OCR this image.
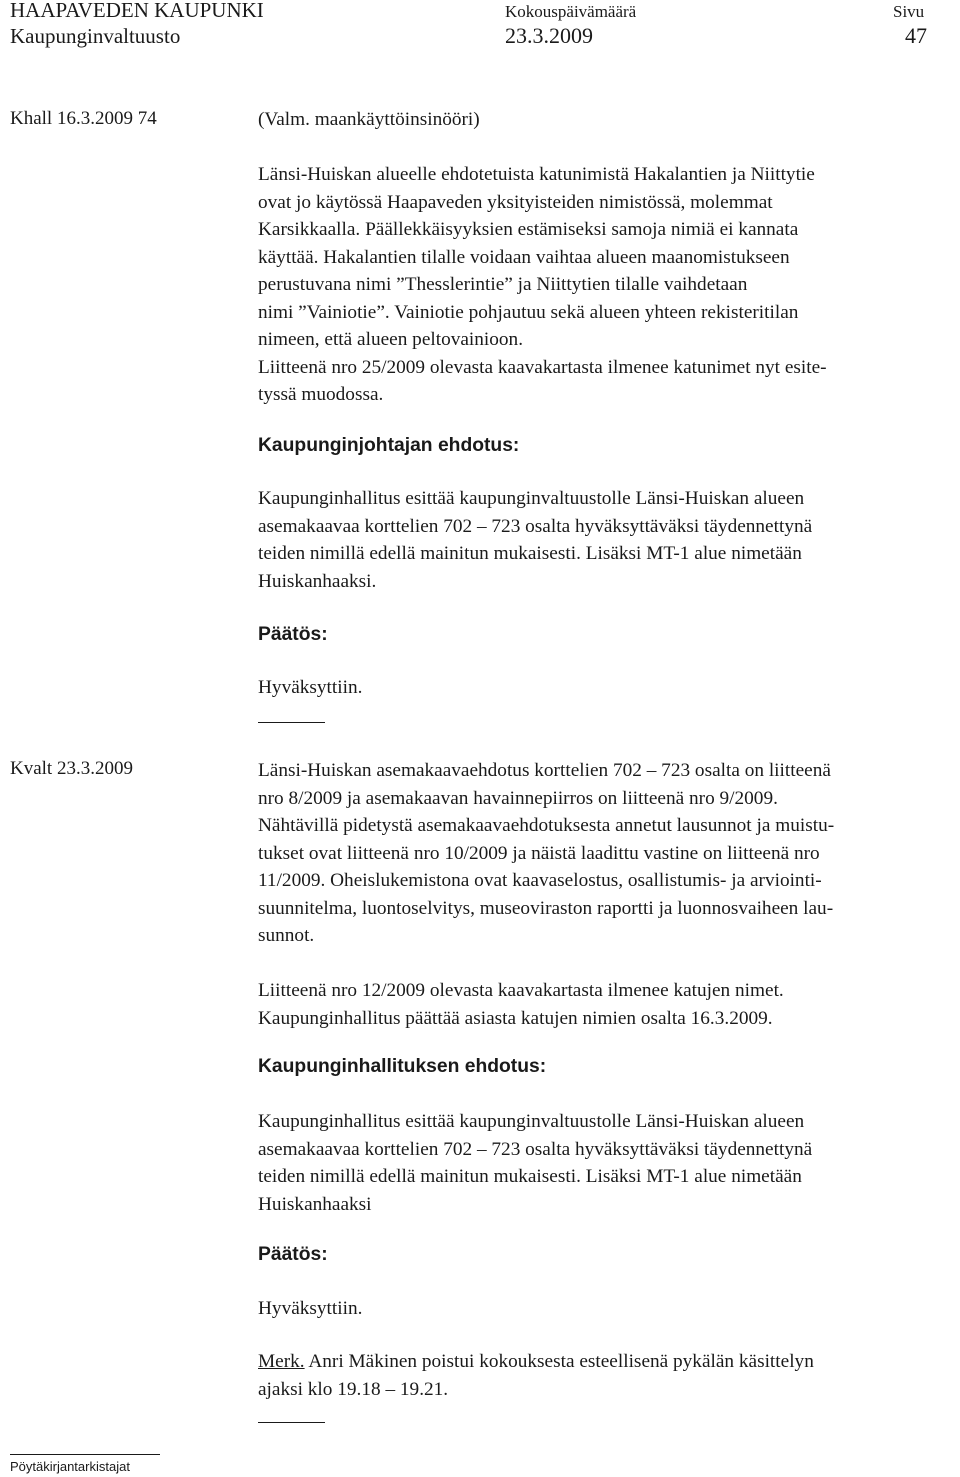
HAAPAVEDEN KAUPUNKI
Kaupunginvaltuusto
Kokouspäivämäärä
23.3.2009
Sivu
47
Khall 16.3.2009 74	(Valm. maankäyttöinsinööri)
Länsi-Huiskan alueelle ehdotetuista katunimistä Hakalantien ja Niittytie
ovat jo käytössä Haapaveden yksityisteiden nimistössä, molemmat
Karsikkaalla. Päällekkäisyyksien estämiseksi samoja nimiä ei kannata
käyttää. Hakalantien tilalle voidaan vaihtaa alueen maanomistukseen
perustuvana nimi ”Thesslerintie” ja Niittytien tilalle vaihdetaan
nimi ”Vainiotie”. Vainiotie pohjautuu sekä alueen yhteen rekisteritilan
nimeen, että alueen peltovainioon.
Liitteenä nro 25/2009 olevasta kaavakartasta ilmenee katunimet nyt esite-
tyssä muodossa.
Kaupunginjohtajan ehdotus:
Kaupunginhallitus esittää kaupunginvaltuustolle Länsi-Huiskan alueen
asemakaavaa korttelien 702 – 723 osalta hyväksyttäväksi täydennettynä
teiden nimillä edellä mainitun mukaisesti. Lisäksi MT-1 alue nimetään
Huiskanhaaksi.
Päätös:
Hyväksyttiin.
Kvalt 23.3.2009	Länsi-Huiskan asemakaavaehdotus korttelien 702 – 723 osalta on liitteenä
nro 8/2009 ja asemakaavan havainnepiirros on liitteenä nro 9/2009.
Nähtävillä pidetystä asemakaavaehdotuksesta annetut lausunnot ja muistu-
tukset ovat liitteenä nro 10/2009 ja näistä laadittu vastine on liitteenä nro
11/2009. Oheislukemistona ovat kaavaselostus, osallistumis- ja arviointi-
suunnitelma, luontoselvitys, museoviraston raportti ja luonnosvaiheen lau-
sunnot.
Liitteenä nro 12/2009 olevasta kaavakartasta ilmenee katujen nimet.
Kaupunginhallitus päättää asiasta katujen nimien osalta 16.3.2009.
Kaupunginhallituksen ehdotus:
Kaupunginhallitus esittää kaupunginvaltuustolle Länsi-Huiskan alueen
asemakaavaa korttelien 702 – 723 osalta hyväksyttäväksi täydennettynä
teiden nimillä edellä mainitun mukaisesti. Lisäksi MT-1 alue nimetään
Huiskanhaaksi
Päätös:
Hyväksyttiin.
Merk. Anri Mäkinen poistui kokouksesta esteellisenä pykälän käsittelyn
ajaksi klo 19.18 – 19.21.
Pöytäkirjantarkistajat
